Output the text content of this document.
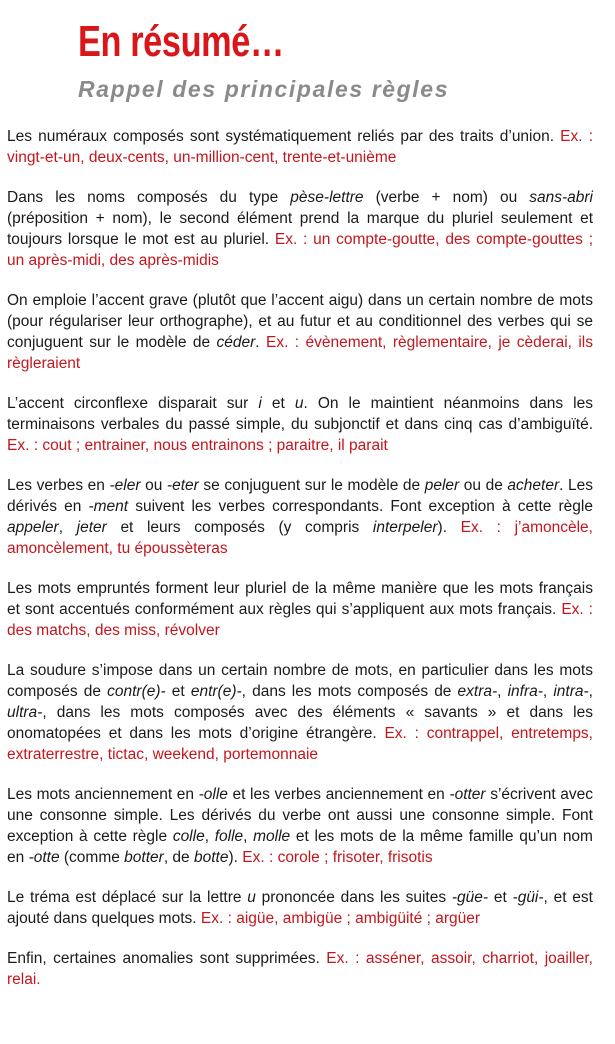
En résumé…
Rappel des principales règles

Les numéraux composés sont systématiquement reliés par des traits d’union. Ex. : vingt-et-un, deux-cents, un-million-cent, trente-et-unième

Dans les noms composés du type pèse-lettre (verbe + nom) ou sans-abri (préposition + nom), le second élément prend la marque du pluriel seulement et toujours lorsque le mot est au pluriel. Ex. : un compte-goutte, des compte-gouttes ; un après-midi, des après-midis

On emploie l’accent grave (plutôt que l’accent aigu) dans un certain nombre de mots (pour régulariser leur orthographe), et au futur et au conditionnel des verbes qui se conjuguent sur le modèle de céder. Ex. : évènement, règlementaire, je cèderai, ils règleraient

L’accent circonflexe disparait sur i et u. On le maintient néanmoins dans les terminaisons verbales du passé simple, du subjonctif et dans cinq cas d’ambiguïté. Ex. : cout ; entrainer, nous entrainons ; paraitre, il parait

Les verbes en -eler ou -eter se conjuguent sur le modèle de peler ou de acheter. Les dérivés en -ment suivent les verbes correspondants. Font exception à cette règle appeler, jeter et leurs composés (y compris interpeler). Ex. : j’amoncèle, amoncèlement, tu époussèteras

Les mots empruntés forment leur pluriel de la même manière que les mots français et sont accentués conformément aux règles qui s’appliquent aux mots français. Ex. : des matchs, des miss, révolver

La soudure s’impose dans un certain nombre de mots, en particulier dans les mots composés de contr(e)- et entr(e)-, dans les mots composés de extra-, infra-, intra-, ultra-, dans les mots composés avec des éléments « savants » et dans les onomatopées et dans les mots d’origine étrangère. Ex. : contrappel, entretemps, extraterrestre, tictac, weekend, portemonnaie

Les mots anciennement en -olle et les verbes anciennement en -otter s’écrivent avec une consonne simple. Les dérivés du verbe ont aussi une consonne simple. Font exception à cette règle colle, folle, molle et les mots de la même famille qu’un nom en -otte (comme botter, de botte). Ex. : corole ; frisoter, frisotis

Le tréma est déplacé sur la lettre u prononcée dans les suites -güe- et -güi-, et est ajouté dans quelques mots. Ex. : aigüe, ambigüe ; ambigüité ; argüer

Enfin, certaines anomalies sont supprimées. Ex. : asséner, assoir, charriot, joailler, relai.
